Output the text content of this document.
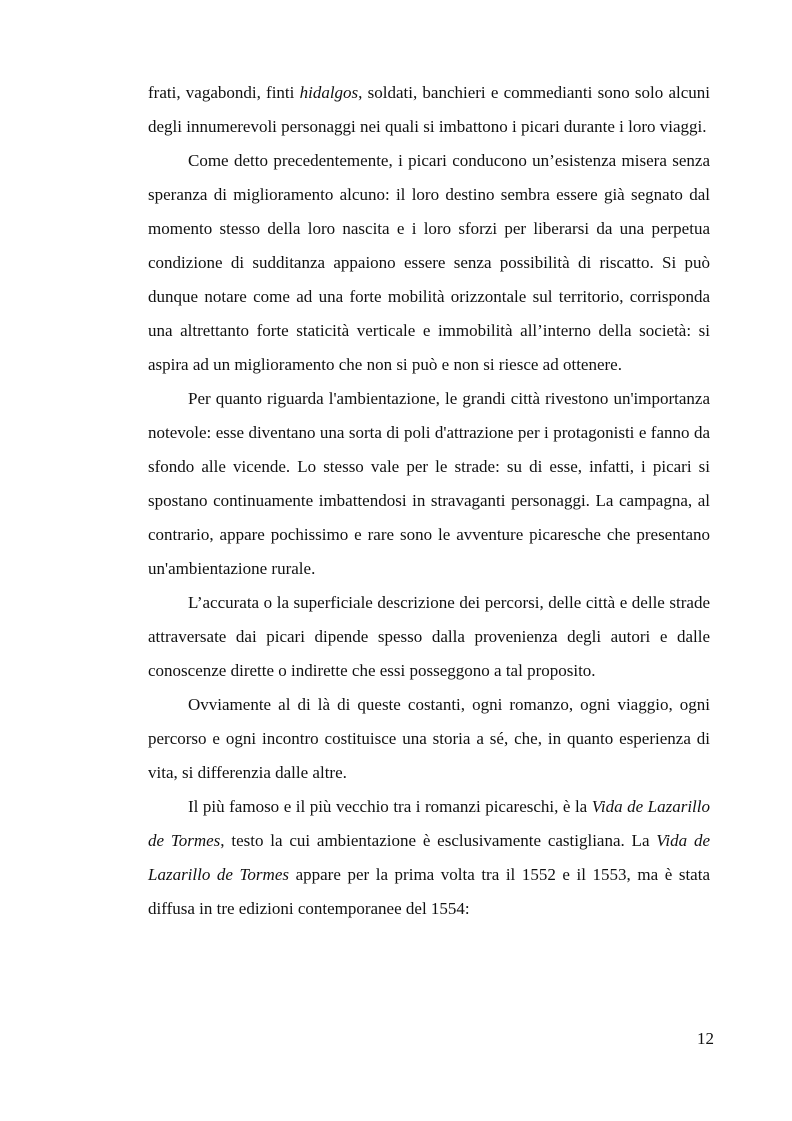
frati, vagabondi, finti hidalgos, soldati, banchieri e commedianti sono solo alcuni degli innumerevoli personaggi nei quali si imbattono i picari durante i loro viaggi.

Come detto precedentemente, i picari conducono un’esistenza misera senza speranza di miglioramento alcuno: il loro destino sembra essere già segnato dal momento stesso della loro nascita e i loro sforzi per liberarsi da una perpetua condizione di sudditanza appaiono essere senza possibilità di riscatto. Si può dunque notare come ad una forte mobilità orizzontale sul territorio, corrisponda una altrettanto forte staticità verticale e immobilità all’interno della società: si aspira ad un miglioramento che non si può e non si riesce ad ottenere.

Per quanto riguarda l'ambientazione, le grandi città rivestono un'importanza notevole: esse diventano una sorta di poli d'attrazione per i protagonisti e fanno da sfondo alle vicende. Lo stesso vale per le strade: su di esse, infatti, i picari si spostano continuamente imbattendosi in stravaganti personaggi. La campagna, al contrario, appare pochissimo e rare sono le avventure picaresche che presentano un'ambientazione rurale.

L’accurata o la superficiale descrizione dei percorsi, delle città e delle strade attraversate dai picari dipende spesso dalla provenienza degli autori e dalle conoscenze dirette o indirette che essi posseggono a tal proposito.

Ovviamente al di là di queste costanti, ogni romanzo, ogni viaggio, ogni percorso e ogni incontro costituisce una storia a sé, che, in quanto esperienza di vita, si differenzia dalle altre.

Il più famoso e il più vecchio tra i romanzi picareschi, è la Vida de Lazarillo de Tormes, testo la cui ambientazione è esclusivamente castigliana. La Vida de Lazarillo de Tormes appare per la prima volta tra il 1552 e il 1553, ma è stata diffusa in tre edizioni contemporanee del 1554:

12
